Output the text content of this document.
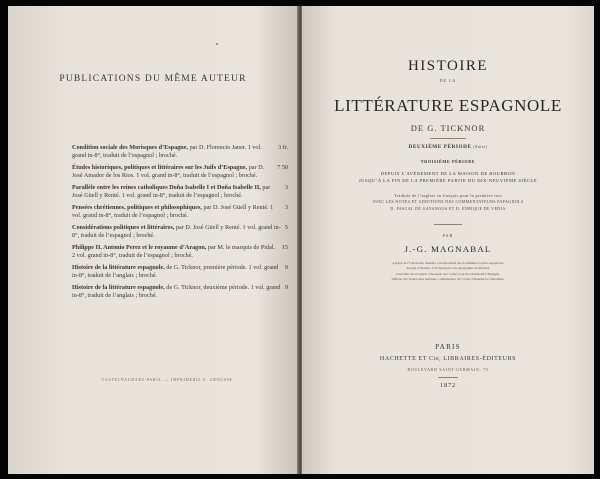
PUBLICATIONS DU MÊME AUTEUR

3 fr.
Condition sociale des Morisques d’Espagne, par D. Florencio Janer. 1 vol. grand in-8°, traduit de l’espagnol ; broché.
7 50
Études historiques, politiques et littéraires sur les Juifs d’Espagne, par D. José Amador de los Rios. 1 vol. grand in-8°, traduit de l’espagnol ; broché.
3
Parallèle entre les reines catholiques Doña Isabelle I et Doña Isabelle II, par José Güell y Renté. 1 vol. grand in-8°, traduit de l’espagnol ; broché.
3
Pensées chrétiennes, politiques et philosophiques, par D. José Güell y Renté. 1 vol. grand in-8°, traduit de l’espagnol ; broché.
5
Considérations politiques et littéraires, par D. José Güell y Renté. 1 vol. grand in-8°, traduit de l’espagnol ; broché.
15
Philippe II, Antonio Perez et le royaume d’Aragon, par M. le marquis de Pidal. 2 vol. grand in-8°, traduit de l’espagnol ; broché.
9
Histoire de la littérature espagnole, de G. Ticknor, première période. 1 vol. grand in-8°, traduit de l’anglais ; broché.
9
Histoire de la littérature espagnole, de G. Ticknor, deuxième période. 1 vol. grand in-8°, traduit de l’anglais ; broché.

CASTELNAUDARY-PARIS. — IMPRIMERIE E. GROUSSE.

HISTOIRE

DE LA

LITTÉRATURE ESPAGNOLE

DE G. TICKNOR

DEUXIÈME PÉRIODE (Suite)

TROISIÈME PÉRIODE

DEPUIS L’AVÈNEMENT DE LA MAISON DE BOURBON
JUSQU’À LA FIN DE LA PREMIÈRE PARTIE DU DIX-NEUVIÈME SIÈCLE
Traduite de l’anglais en français pour la première fois
AVEC LES NOTES ET ADDITIONS DES COMMENTATEURS ESPAGNOLS
D. PASCAL DE GAYANGOS ET D. ENRIQUE DE VEDIA

PAR

J.-G. MAGNABAL

Agrégé de l’Université, membre correspondant des Académies royales espagnoles
Royale d’histoire, d’archéologie et de géographie de Madrid,
Chevalier de la Légion d’honneur, de l’ordre royal de Charles III d’Espagne,
Officier de l’Instruction publique, commandeur de l’ordre d’Isabelle la Catholique.

PARIS

HACHETTE ET Cie, LIBRAIRES-ÉDITEURS

BOULEVARD SAINT-GERMAIN, 79

1872
